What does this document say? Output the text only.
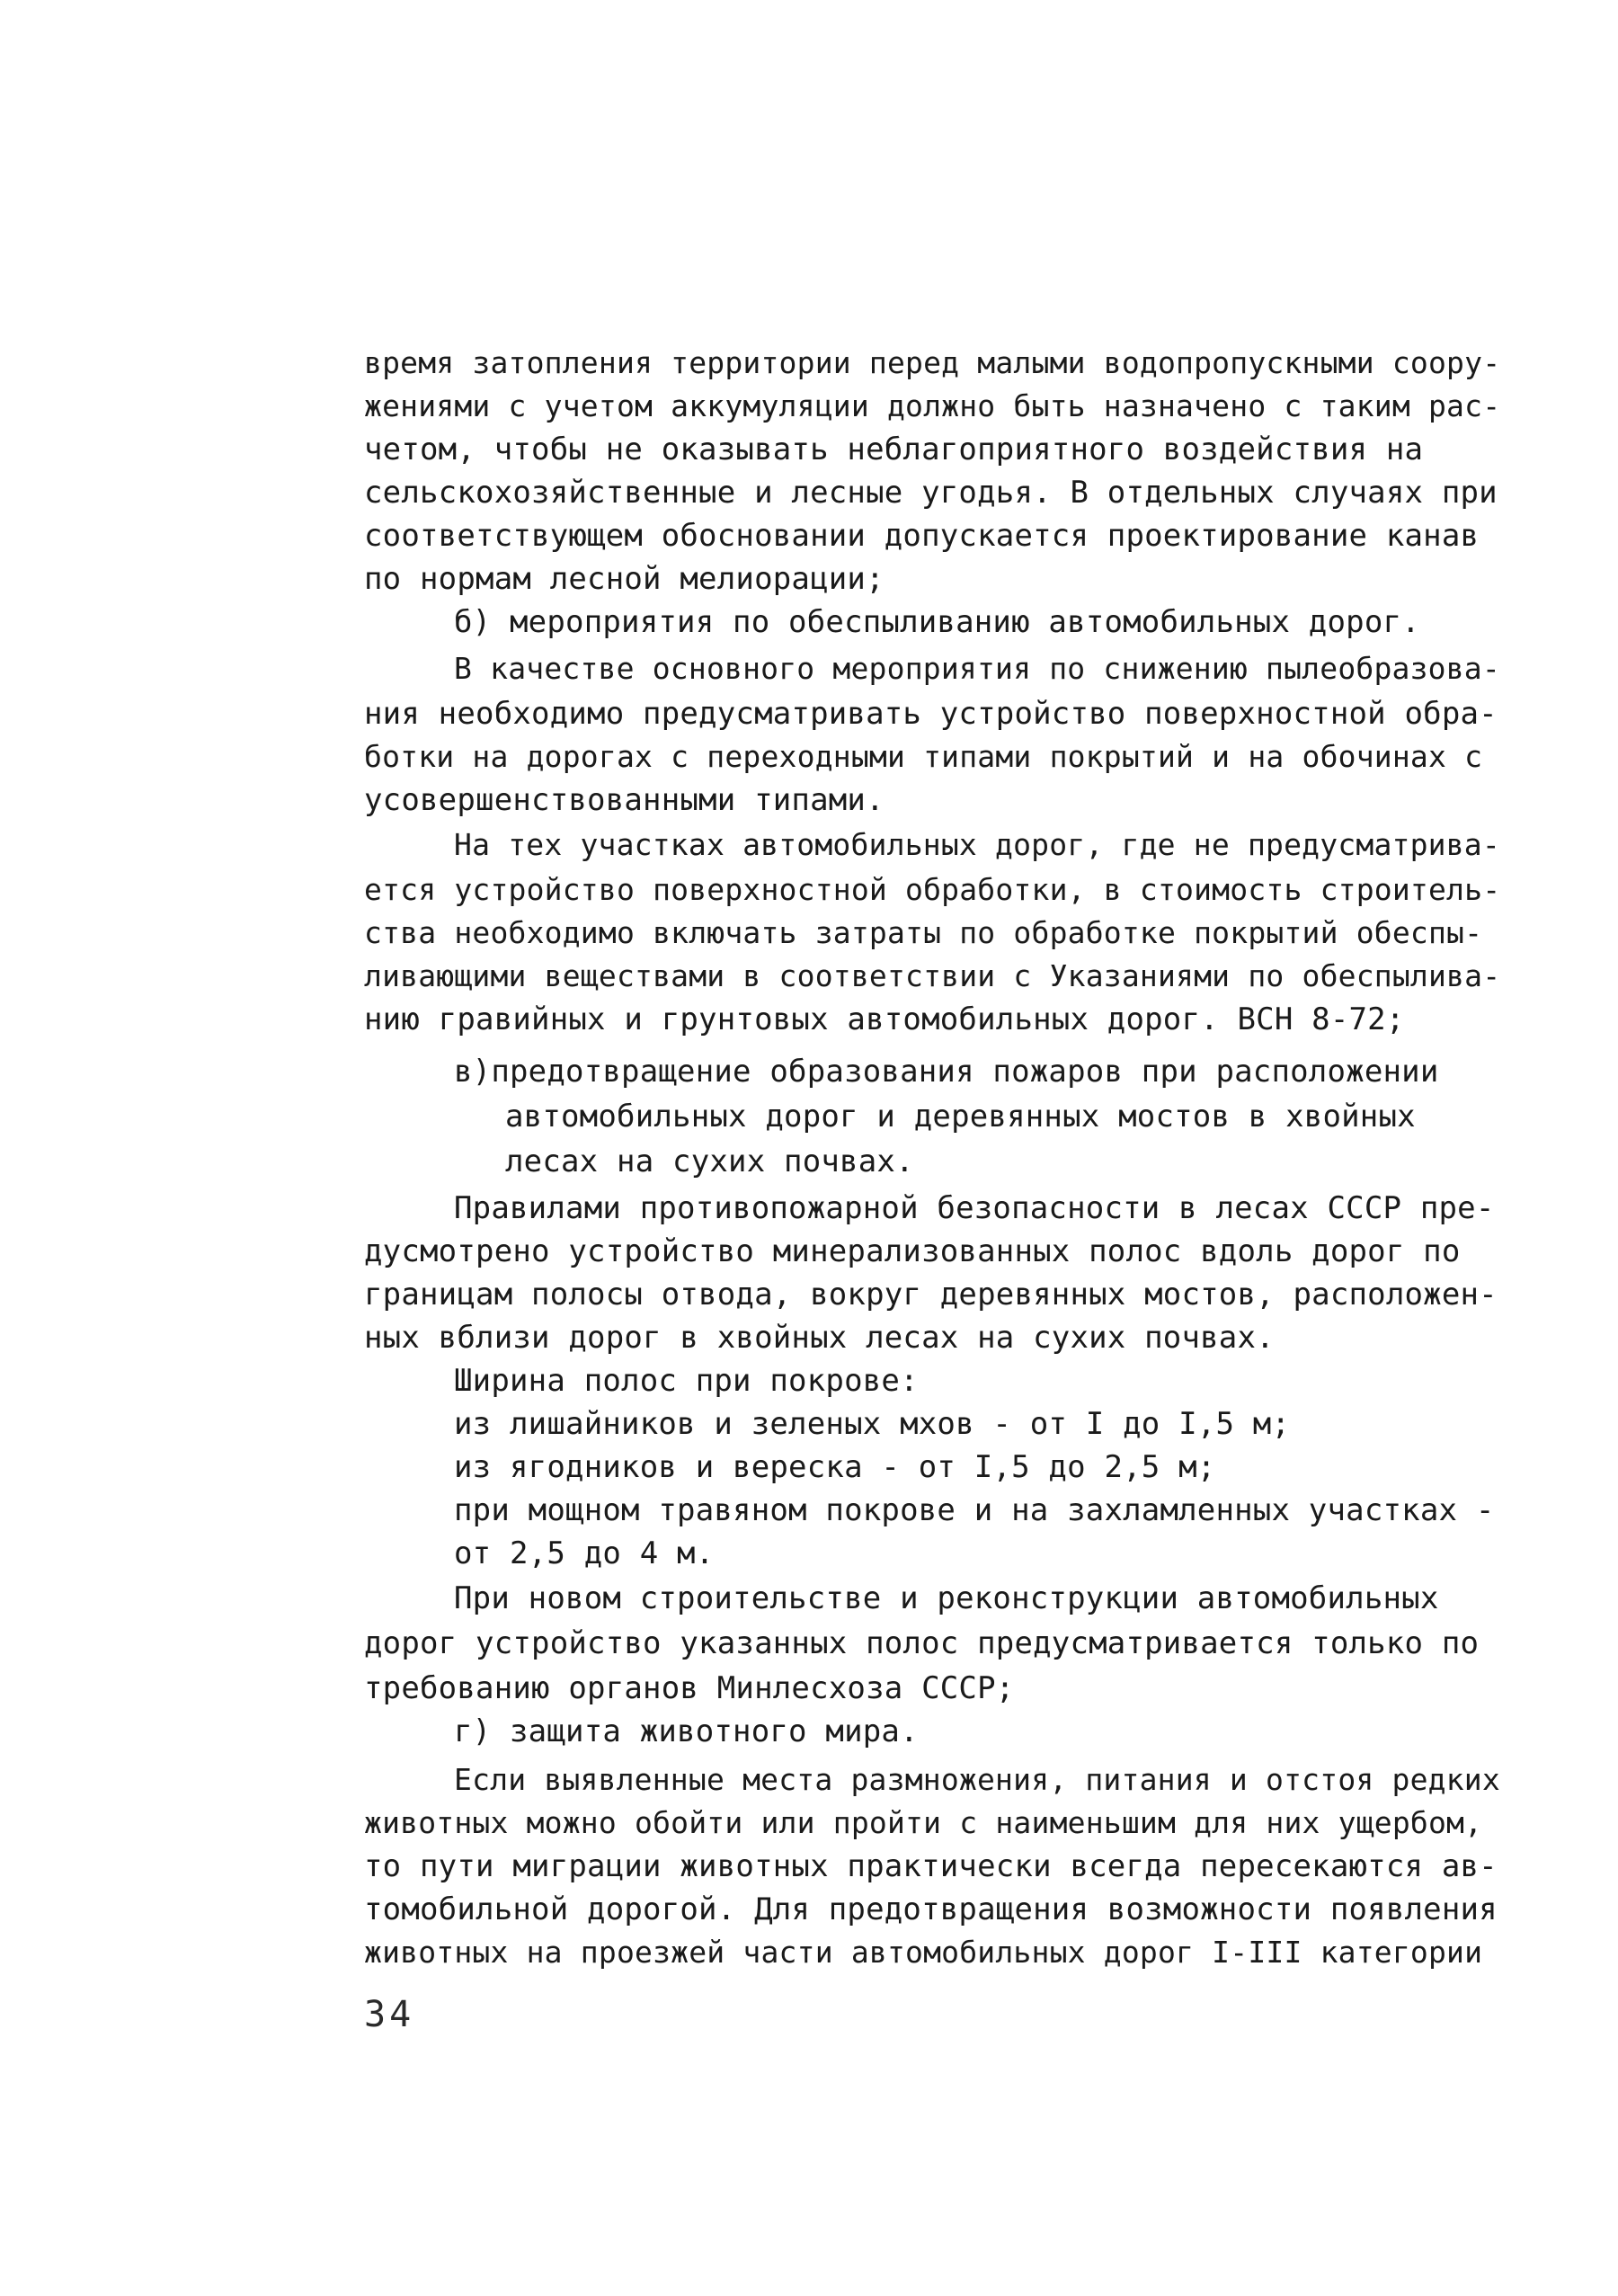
время затопления территории перед малыми водопропускными соору-
жениями с учетом аккумуляции должно быть назначено с таким рас-
четом, чтобы не оказывать неблагоприятного воздействия на
сельскохозяйственные и лесные угодья. В отдельных случаях при
соответствующем обосновании допускается проектирование канав
по нормам лесной мелиорации;
б) мероприятия по обеспыливанию автомобильных дорог.
В качестве основного мероприятия по снижению пылеобразова-
ния необходимо предусматривать устройство поверхностной обра-
ботки на дорогах с переходными типами покрытий и на обочинах с
усовершенствованными типами.
На тех участках автомобильных дорог, где не предусматрива-
ется устройство поверхностной обработки, в стоимость строитель-
ства необходимо включать затраты по обработке покрытий обеспы-
ливающими веществами в соответствии с Указаниями по обеспылива-
нию гравийных и грунтовых автомобильных дорог. ВСН 8-72;
в)предотвращение образования пожаров при расположении
автомобильных дорог и деревянных мостов в хвойных
лесах на сухих почвах.
Правилами противопожарной безопасности в лесах СССР пре-
дусмотрено устройство минерализованных полос вдоль дорог по
границам полосы отвода, вокруг деревянных мостов, расположен-
ных вблизи дорог в хвойных лесах на сухих почвах.
Ширина полос при покрове:
из лишайников и зеленых мхов - от I до I,5 м;
из ягодников и вереска - от I,5 до 2,5 м;
при мощном травяном покрове и на захламленных участках -
от 2,5 до 4 м.
При новом строительстве и реконструкции автомобильных
дорог устройство указанных полос предусматривается только по
требованию органов Минлесхоза СССР;
г) защита животного мира.
Если выявленные места размножения, питания и отстоя редких
животных можно обойти или пройти с наименьшим для них ущербом,
то пути миграции животных практически всегда пересекаются ав-
томобильной дорогой. Для предотвращения возможности появления
животных на проезжей части автомобильных дорог I-III категории
34
